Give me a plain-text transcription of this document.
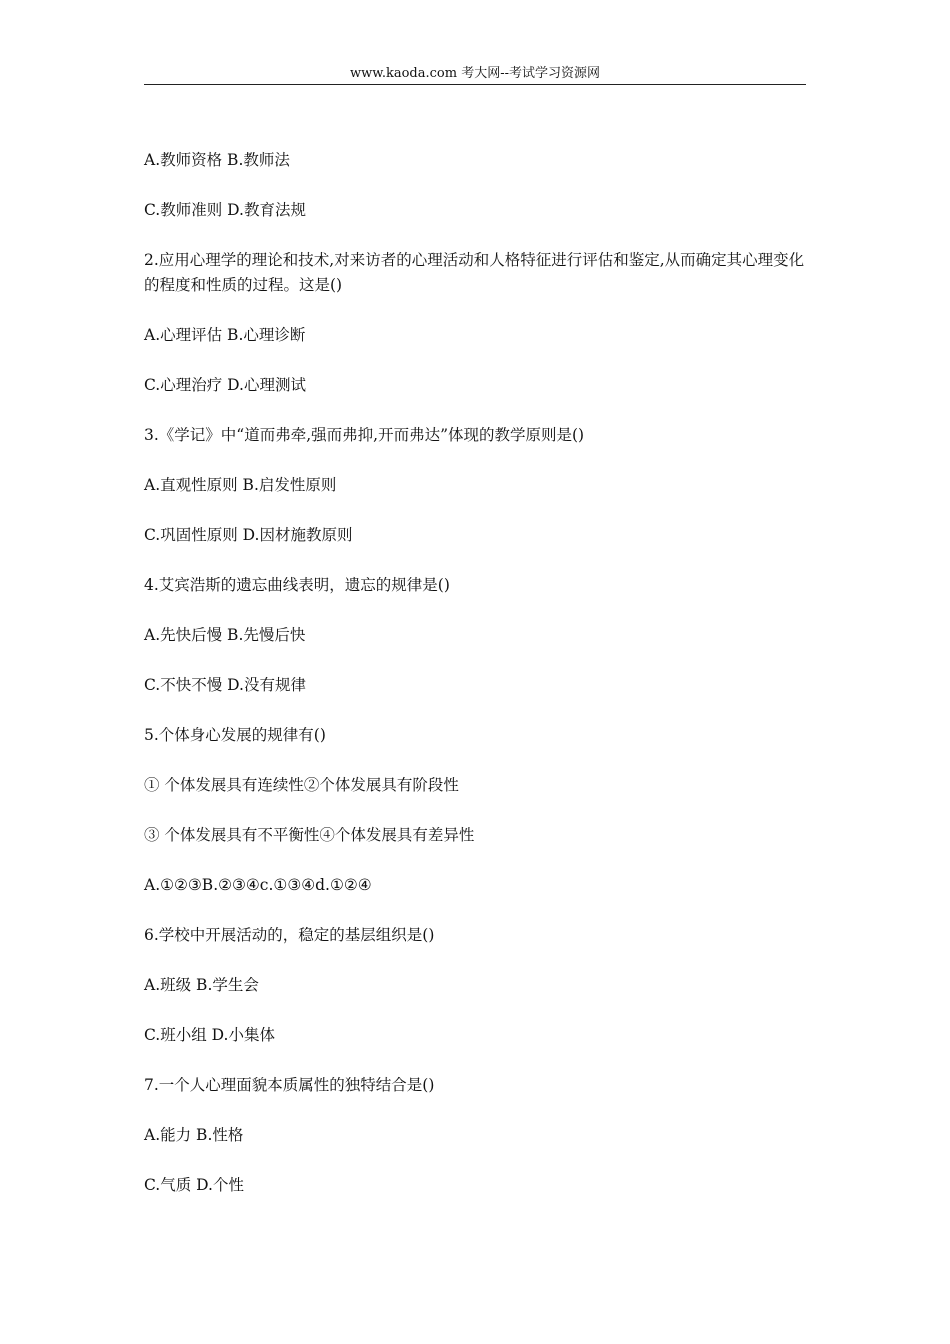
www.kaoda.com 考大网--考试学习资源网

A.教师资格 B.教师法

C.教师准则 D.教育法规

2.应用心理学的理论和技术,对来访者的心理活动和人格特征进行评估和鉴定,从而确定其心理变化的程度和性质的过程。这是()

A.心理评估 B.心理诊断

C.心理治疗 D.心理测试

3.《学记》中“道而弗牵,强而弗抑,开而弗达”体现的教学原则是()

A.直观性原则 B.启发性原则

C.巩固性原则 D.因材施教原则

4.艾宾浩斯的遗忘曲线表明，遗忘的规律是()

A.先快后慢 B.先慢后快

C.不快不慢 D.没有规律

5.个体身心发展的规律有()

① 个体发展具有连续性②个体发展具有阶段性

③ 个体发展具有不平衡性④个体发展具有差异性

A.①②③B.②③④c.①③④d.①②④

6.学校中开展活动的，稳定的基层组织是()

A.班级 B.学生会

C.班小组 D.小集体

7.一个人心理面貌本质属性的独特结合是()

A.能力 B.性格

C.气质 D.个性
